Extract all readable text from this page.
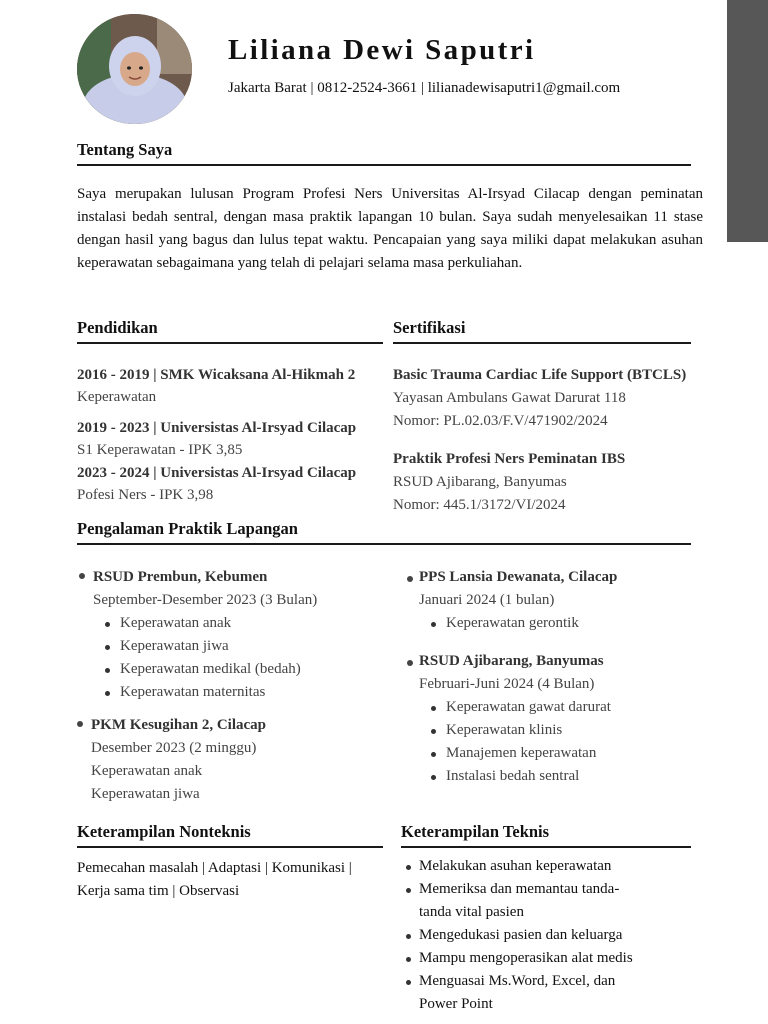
Liliana Dewi Saputri
Jakarta Barat | 0812-2524-3661 | lilianadewisaputri1@gmail.com
Tentang Saya
Saya merupakan lulusan Program Profesi Ners Universitas Al-Irsyad Cilacap dengan peminatan instalasi bedah sentral, dengan masa praktik lapangan 10 bulan. Saya sudah menyelesaikan 11 stase dengan hasil yang bagus dan lulus tepat waktu. Pencapaian yang saya miliki dapat melakukan asuhan keperawatan sebagaimana yang telah di pelajari selama masa perkuliahan.
Pendidikan
2016 - 2019 | SMK Wicaksana Al-Hikmah 2
Keperawatan
2019 - 2023 | Universistas Al-Irsyad Cilacap
S1 Keperawatan - IPK 3,85
2023 - 2024 | Universistas Al-Irsyad Cilacap
Pofesi Ners - IPK 3,98
Sertifikasi
Basic Trauma Cardiac Life Support (BTCLS)
Yayasan Ambulans Gawat Darurat 118
Nomor: PL.02.03/F.V/471902/2024
Praktik Profesi Ners Peminatan IBS
RSUD Ajibarang, Banyumas
Nomor: 445.1/3172/VI/2024
Pengalaman Praktik Lapangan
RSUD Prembun, Kebumen
September-Desember 2023 (3 Bulan)
Keperawatan anak
Keperawatan jiwa
Keperawatan medikal (bedah)
Keperawatan maternitas
PKM Kesugihan 2, Cilacap
Desember 2023 (2 minggu)
Keperawatan anak
Keperawatan jiwa
PPS Lansia Dewanata, Cilacap
Januari 2024 (1 bulan)
Keperawatan gerontik
RSUD Ajibarang, Banyumas
Februari-Juni 2024 (4 Bulan)
Keperawatan gawat darurat
Keperawatan klinis
Manajemen keperawatan
Instalasi bedah sentral
Keterampilan Nonteknis
Pemecahan masalah | Adaptasi | Komunikasi |
Kerja sama tim | Observasi
Keterampilan Teknis
Melakukan asuhan keperawatan
Memeriksa dan memantau tanda-
tanda vital pasien
Mengedukasi pasien dan keluarga
Mampu mengoperasikan alat medis
Menguasai Ms.Word, Excel, dan
Power Point
